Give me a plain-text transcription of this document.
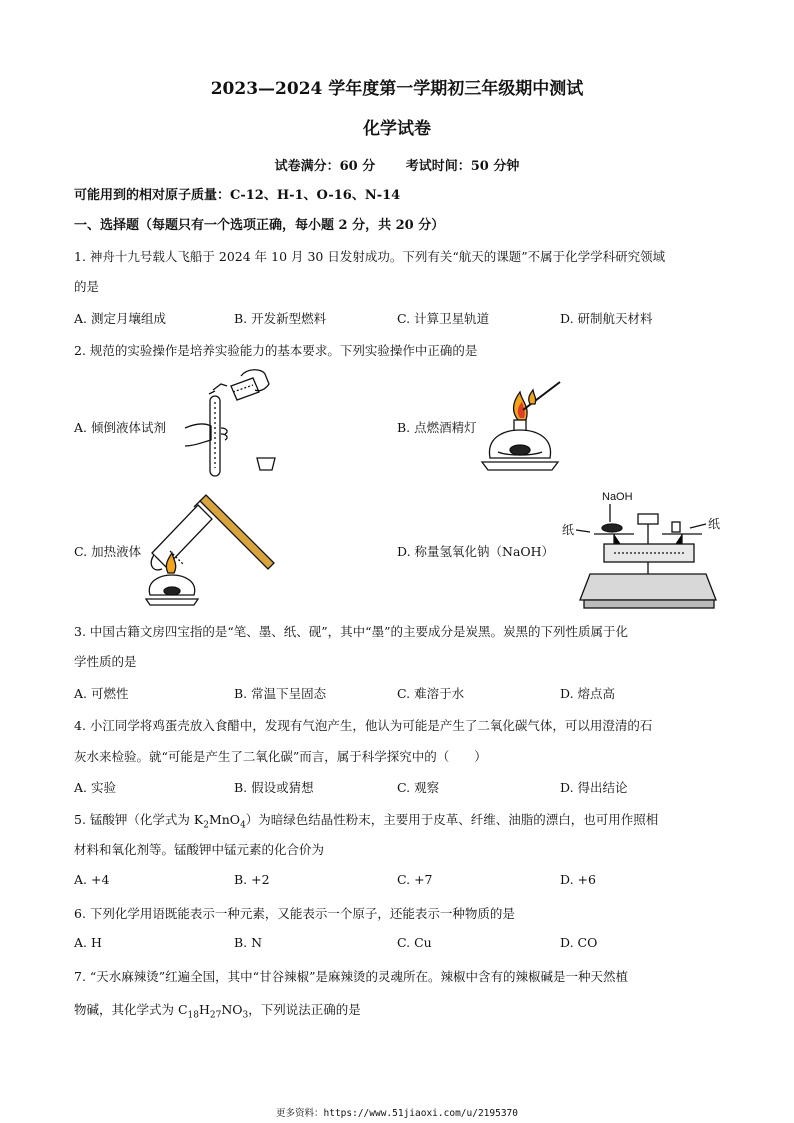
2023—2024 学年度第一学期初三年级期中测试
化学试卷
试卷满分：60 分 考试时间：50 分钟
可能用到的相对原子质量：C-12、H-1、O-16、N-14
一、选择题（每题只有一个选项正确，每小题 2 分，共 20 分）
1. 神舟十九号载人飞船于 2024 年 10 月 30 日发射成功。下列有关“航天的课题”不属于化学学科研究领域
的是
A. 测定月壤组成	B. 开发新型燃料	C. 计算卫星轨道	D. 研制航天材料
2. 规范的实验操作是培养实验能力的基本要求。下列实验操作中正确的是
A. 倾倒液体试剂	B. 点燃酒精灯
C. 加热液体	D. 称量氢氧化钠（NaOH）
NaOH
纸	纸
3. 中国古籍文房四宝指的是“笔、墨、纸、砚”，其中“墨”的主要成分是炭黑。炭黑的下列性质属于化
学性质的是
A. 可燃性	B. 常温下呈固态	C. 难溶于水	D. 熔点高
4. 小江同学将鸡蛋壳放入食醋中，发现有气泡产生，他认为可能是产生了二氧化碳气体，可以用澄清的石
灰水来检验。就“可能是产生了二氧化碳”而言，属于科学探究中的（　　）
A. 实验	B. 假设或猜想	C. 观察	D. 得出结论
5. 锰酸钾（化学式为 $K_2MnO_4$）为暗绿色结晶性粉末，主要用于皮革、纤维、油脂的漂白，也可用作照相
材料和氧化剂等。锰酸钾中锰元素的化合价为
A. +4	B. +2	C. +7	D. +6
6. 下列化学用语既能表示一种元素，又能表示一个原子，还能表示一种物质的是
A. H	B. N	C. Cu	D. CO
7. “天水麻辣烫”红遍全国，其中“甘谷辣椒”是麻辣烫的灵魂所在。辣椒中含有的辣椒碱是一种天然植
物碱，其化学式为 $C_{18}H_{27}NO_3$，下列说法正确的是
更多资料：https://www.51jiaoxi.com/u/2195370
